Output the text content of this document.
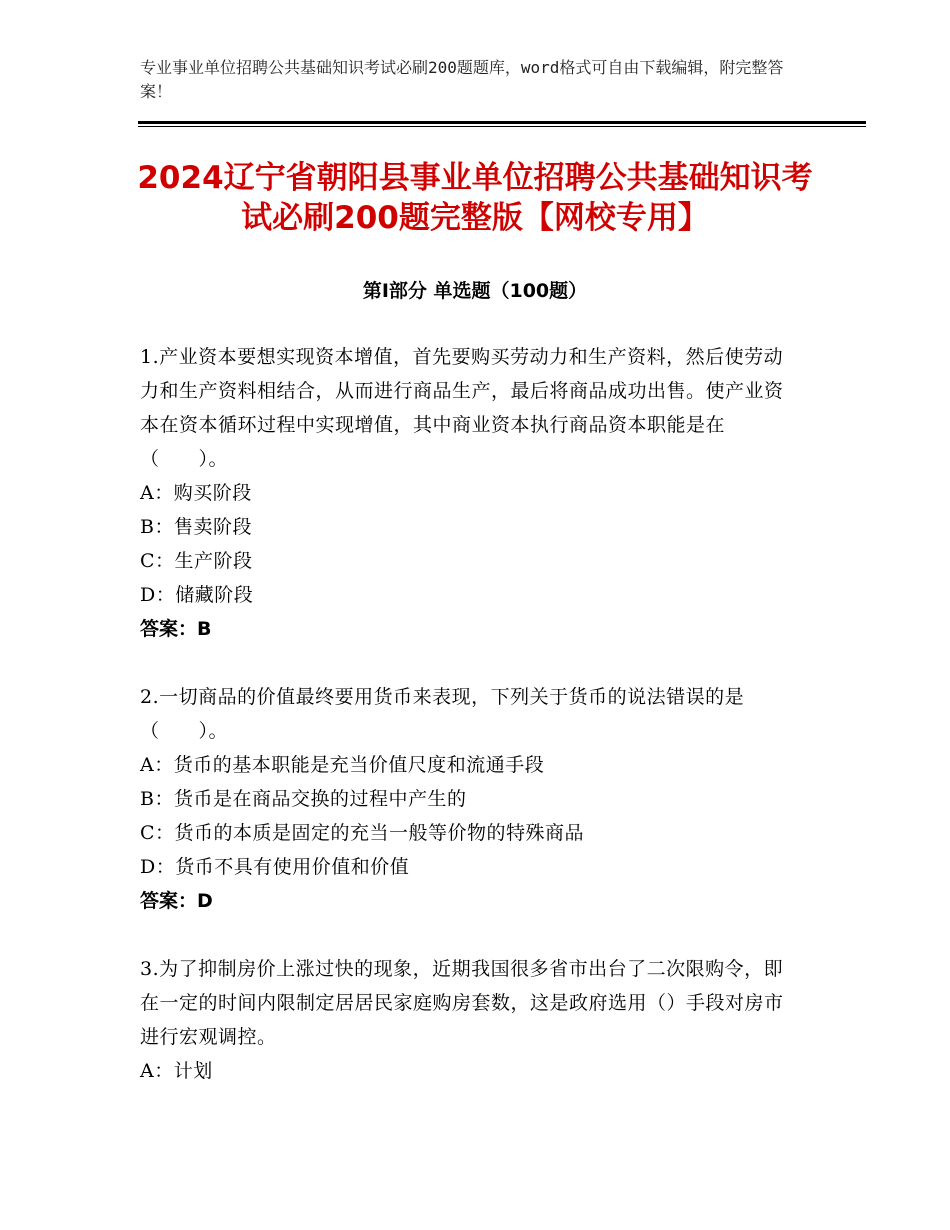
专业事业单位招聘公共基础知识考试必刷200题题库，word格式可自由下载编辑，附完整答案！
2024辽宁省朝阳县事业单位招聘公共基础知识考试必刷200题完整版【网校专用】
第Ⅰ部分 单选题（100题）
1.产业资本要想实现资本增值，首先要购买劳动力和生产资料，然后使劳动力和生产资料相结合，从而进行商品生产，最后将商品成功出售。使产业资本在资本循环过程中实现增值，其中商业资本执行商品资本职能是在（　　）。
A：购买阶段
B：售卖阶段
C：生产阶段
D：储藏阶段
答案：B
2.一切商品的价值最终要用货币来表现，下列关于货币的说法错误的是（　　）。
A：货币的基本职能是充当价值尺度和流通手段
B：货币是在商品交换的过程中产生的
C：货币的本质是固定的充当一般等价物的特殊商品
D：货币不具有使用价值和价值
答案：D
3.为了抑制房价上涨过快的现象，近期我国很多省市出台了二次限购令，即在一定的时间内限制定居居民家庭购房套数，这是政府选用（）手段对房市进行宏观调控。
A：计划
